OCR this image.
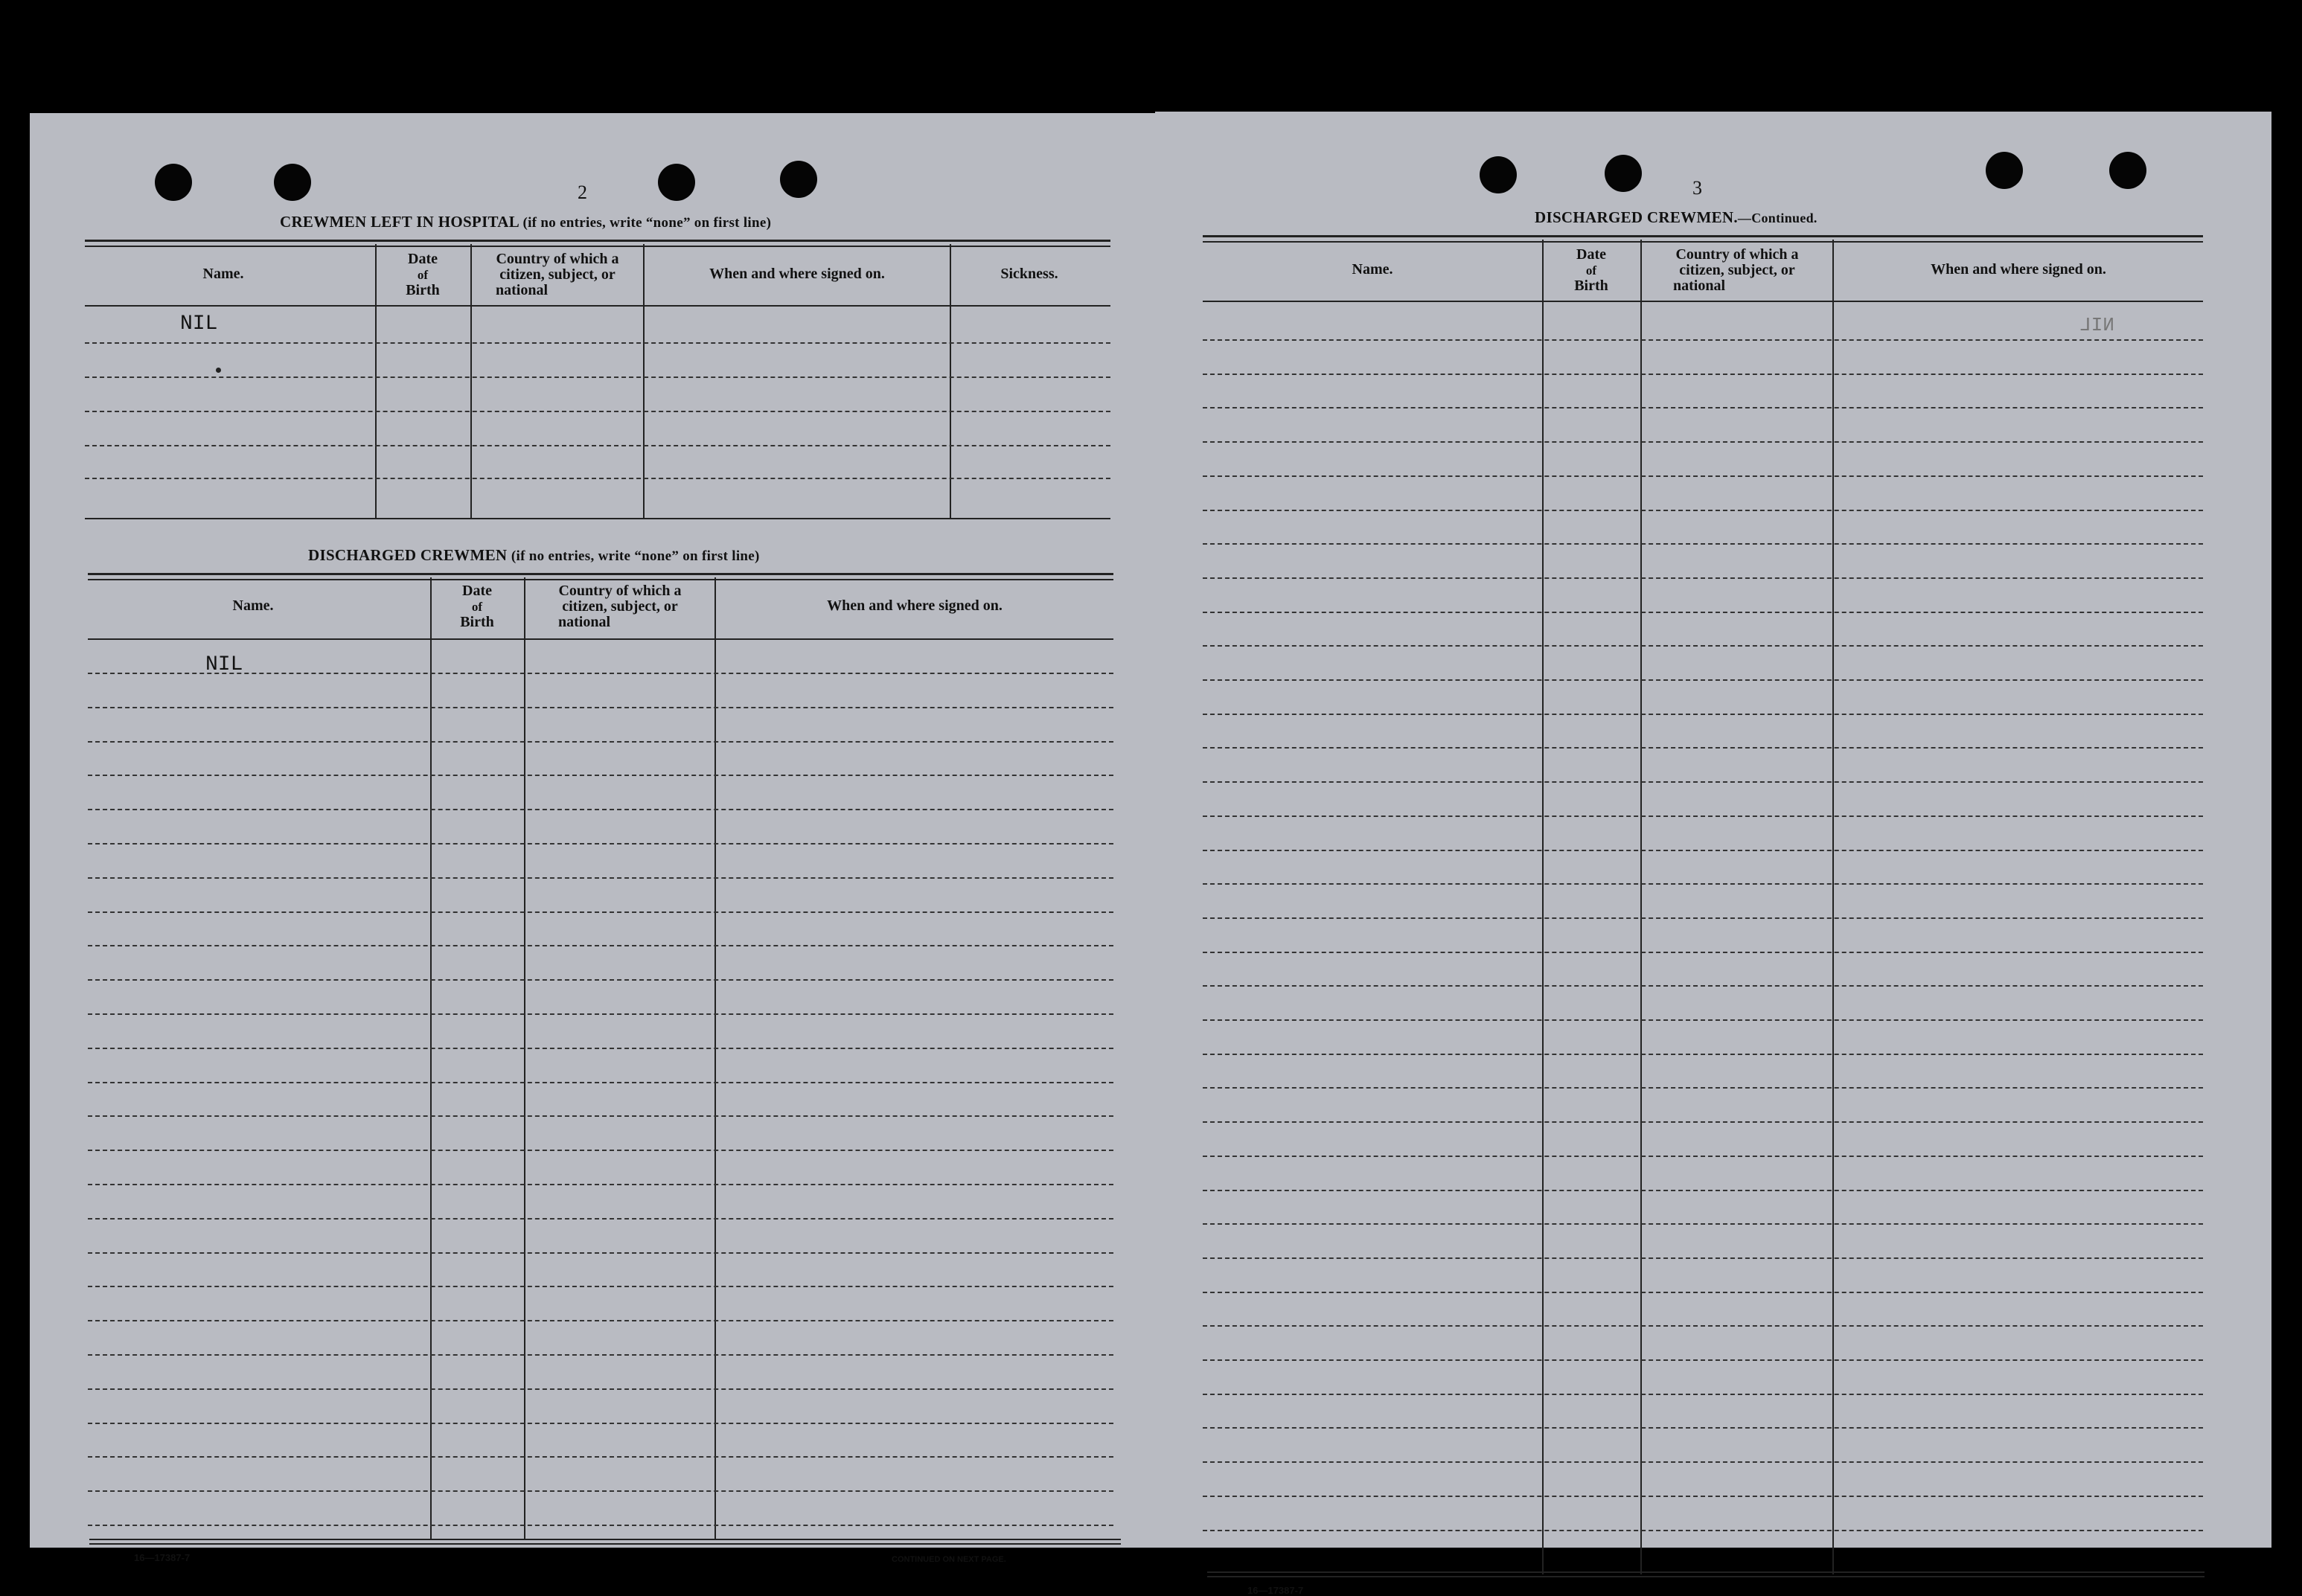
2
CREWMEN LEFT IN HOSPITAL (if no entries, write “none” on first line)
Name.
Date
of
Birth
Country of which a
citizen, subject, or
national
When and where signed on.	Sickness.
NIL
DISCHARGED CREWMEN (if no entries, write “none” on first line)
Name.
Date
of
Birth
Country of which a
citizen, subject, or
national
When and where signed on.
NIL
16—17387-7	CONTINUED ON NEXT PAGE.
3
DISCHARGED CREWMEN.—Continued.
Name.
Date
of
Birth
Country of which a
citizen, subject, or
national
When and where signed on.
NIL
16—17387-7
